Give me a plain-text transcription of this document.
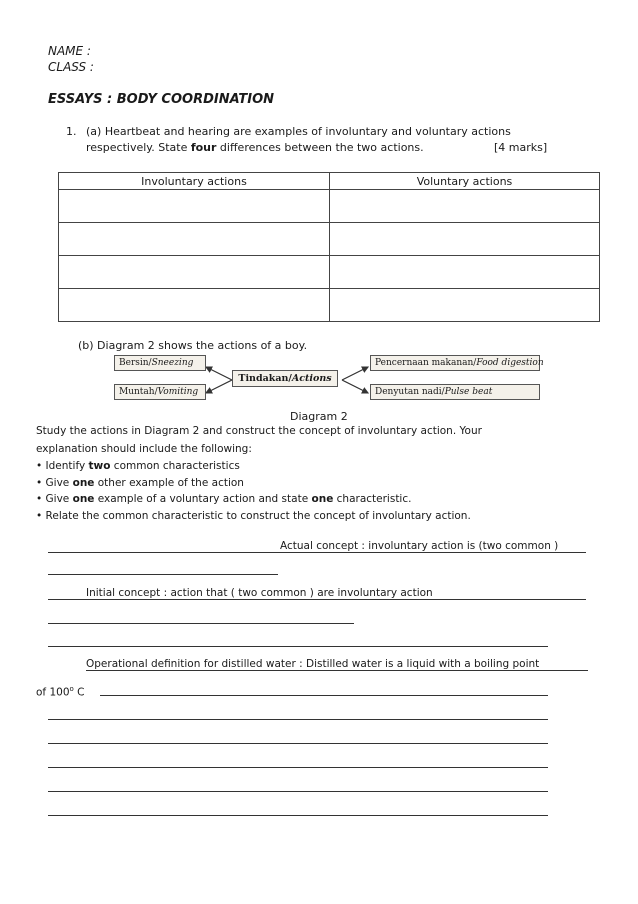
NAME :
CLASS :
ESSAYS : BODY COORDINATION
1. (a) Heartbeat and hearing are examples of involuntary and voluntary actions
respectively. State four differences between the two actions.	[4 marks]
Involuntary actions	Voluntary actions

(b) Diagram 2 shows the actions of a boy.
Bersin/Sneezing
Muntah/Vomiting
Tindakan/Actions
Pencernaan makanan/Food digestion
Denyutan nadi/Pulse beat
Diagram 2
Study the actions in Diagram 2 and construct the concept of involuntary action. Your
explanation should include the following:
• Identify two common characteristics
• Give one other example of the action
• Give one example of a voluntary action and state one characteristic.
• Relate the common characteristic to construct the concept of involuntary action.
Actual concept : involuntary action is (two common )
Initial concept : action that ( two common ) are involuntary action
Operational definition for distilled water : Distilled water is a liquid with a boiling point
of 100$^o$ C
